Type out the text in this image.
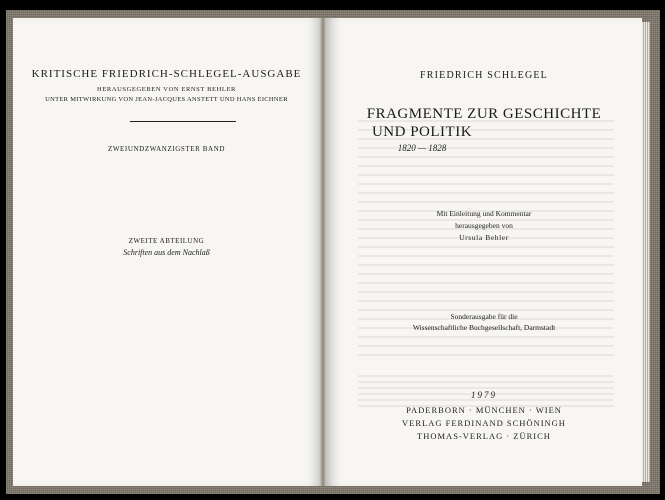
KRITISCHE FRIEDRICH-SCHLEGEL-AUSGABE
HERAUSGEGEBEN VON ERNST BEHLER
UNTER MITWIRKUNG VON JEAN-JACQUES ANSTETT UND HANS EICHNER
ZWEIUNDZWANZIGSTER BAND
ZWEITE ABTEILUNG
Schriften aus dem Nachlaß
FRIEDRICH SCHLEGEL
FRAGMENTE ZUR GESCHICHTE
UND POLITIK
1820 — 1828
Mit Einleitung und Kommentar
herausgegeben von
Ursula Behler
Sonderausgabe für die
Wissenschaftliche Buchgesellschaft, Darmstadt
1979
PADERBORN · MÜNCHEN · WIEN
VERLAG FERDINAND SCHÖNINGH
THOMAS-VERLAG · ZÜRICH
